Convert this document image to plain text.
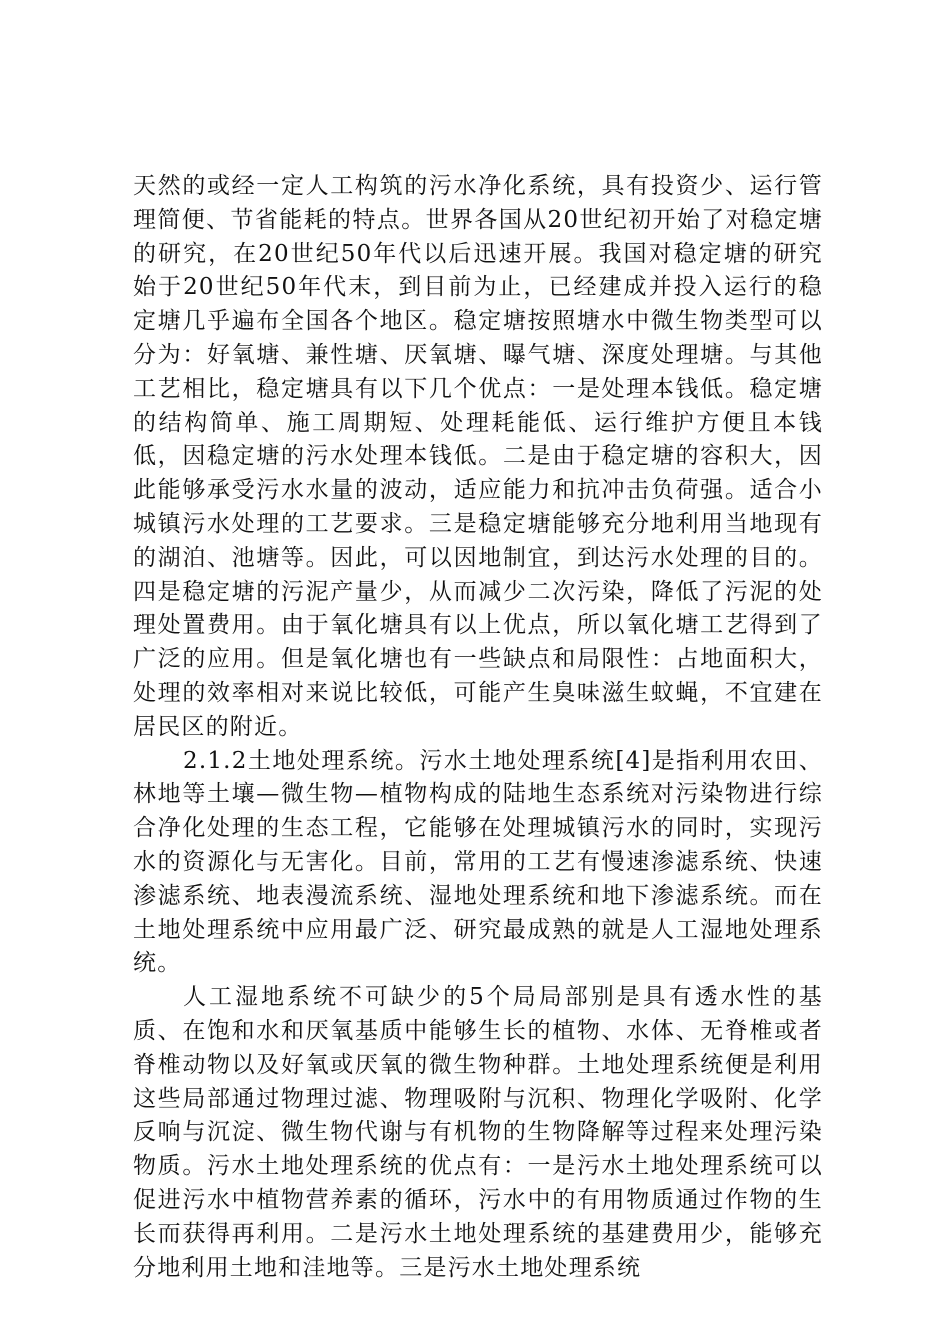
天然的或经一定人工构筑的污水净化系统，具有投资少、运行管理简便、节省能耗的特点。世界各国从20世纪初开始了对稳定塘的研究，在20世纪50年代以后迅速开展。我国对稳定塘的研究始于20世纪50年代末，到目前为止，已经建成并投入运行的稳定塘几乎遍布全国各个地区。稳定塘按照塘水中微生物类型可以分为：好氧塘、兼性塘、厌氧塘、曝气塘、深度处理塘。与其他工艺相比，稳定塘具有以下几个优点：一是处理本钱低。稳定塘的结构简单、施工周期短、处理耗能低、运行维护方便且本钱低，因稳定塘的污水处理本钱低。二是由于稳定塘的容积大，因此能够承受污水水量的波动，适应能力和抗冲击负荷强。适合小城镇污水处理的工艺要求。三是稳定塘能够充分地利用当地现有的湖泊、池塘等。因此，可以因地制宜，到达污水处理的目的。四是稳定塘的污泥产量少，从而减少二次污染，降低了污泥的处理处置费用。由于氧化塘具有以上优点，所以氧化塘工艺得到了广泛的应用。但是氧化塘也有一些缺点和局限性：占地面积大，处理的效率相对来说比较低，可能产生臭味滋生蚊蝇，不宜建在居民区的附近。

2.1.2土地处理系统。污水土地处理系统[4]是指利用农田、林地等土壤—微生物—植物构成的陆地生态系统对污染物进行综合净化处理的生态工程，它能够在处理城镇污水的同时，实现污水的资源化与无害化。目前，常用的工艺有慢速渗滤系统、快速渗滤系统、地表漫流系统、湿地处理系统和地下渗滤系统。而在土地处理系统中应用最广泛、研究最成熟的就是人工湿地处理系统。

人工湿地系统不可缺少的5个局局部别是具有透水性的基质、在饱和水和厌氧基质中能够生长的植物、水体、无脊椎或者脊椎动物以及好氧或厌氧的微生物种群。土地处理系统便是利用这些局部通过物理过滤、物理吸附与沉积、物理化学吸附、化学反响与沉淀、微生物代谢与有机物的生物降解等过程来处理污染物质。污水土地处理系统的优点有：一是污水土地处理系统可以促进污水中植物营养素的循环，污水中的有用物质通过作物的生长而获得再利用。二是污水土地处理系统的基建费用少，能够充分地利用土地和洼地等。三是污水土地处理系统
